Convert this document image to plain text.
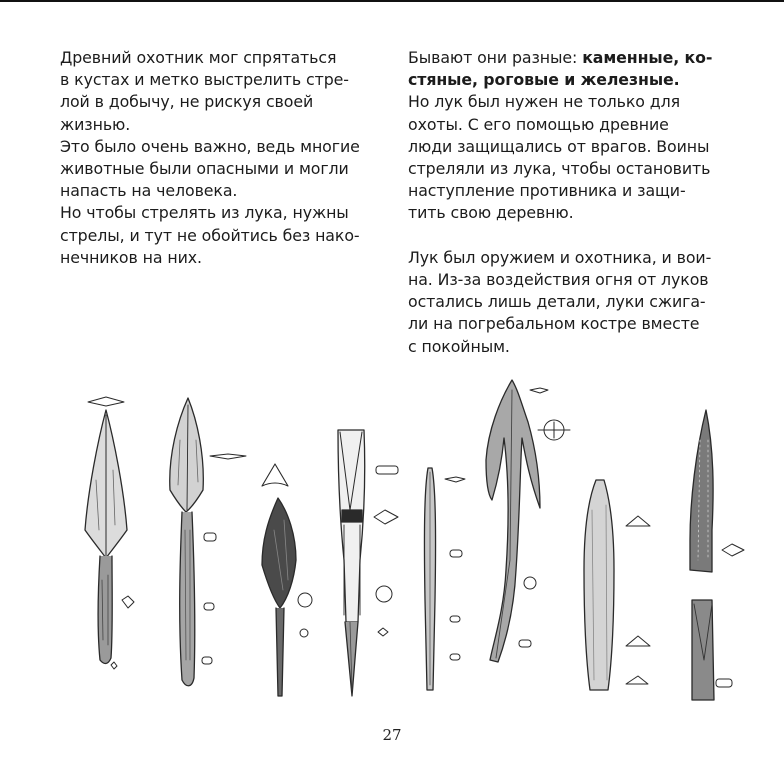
Древний охотник мог спрятаться
в кустах и метко выстрелить стре-
лой в добычу, не рискуя своей
жизнью.
Это было очень важно, ведь многие
животные были опасными и могли
напасть на человека.
Но чтобы стрелять из лука, нужны
стрелы, и тут не обойтись без нако-
нечников на них.
Бывают они разные: каменные, ко-
стяные, роговые и железные.
Но лук был нужен не только для
охоты. С его помощью древние
люди защищались от врагов. Воины
стреляли из лука, чтобы остановить
наступление противника и защи-
тить свою деревню.
Лук был оружием и охотника, и вои-
на. Из-за воздействия огня от луков
остались лишь детали, луки сжига-
ли на погребальном костре вместе
с покойным.
27
